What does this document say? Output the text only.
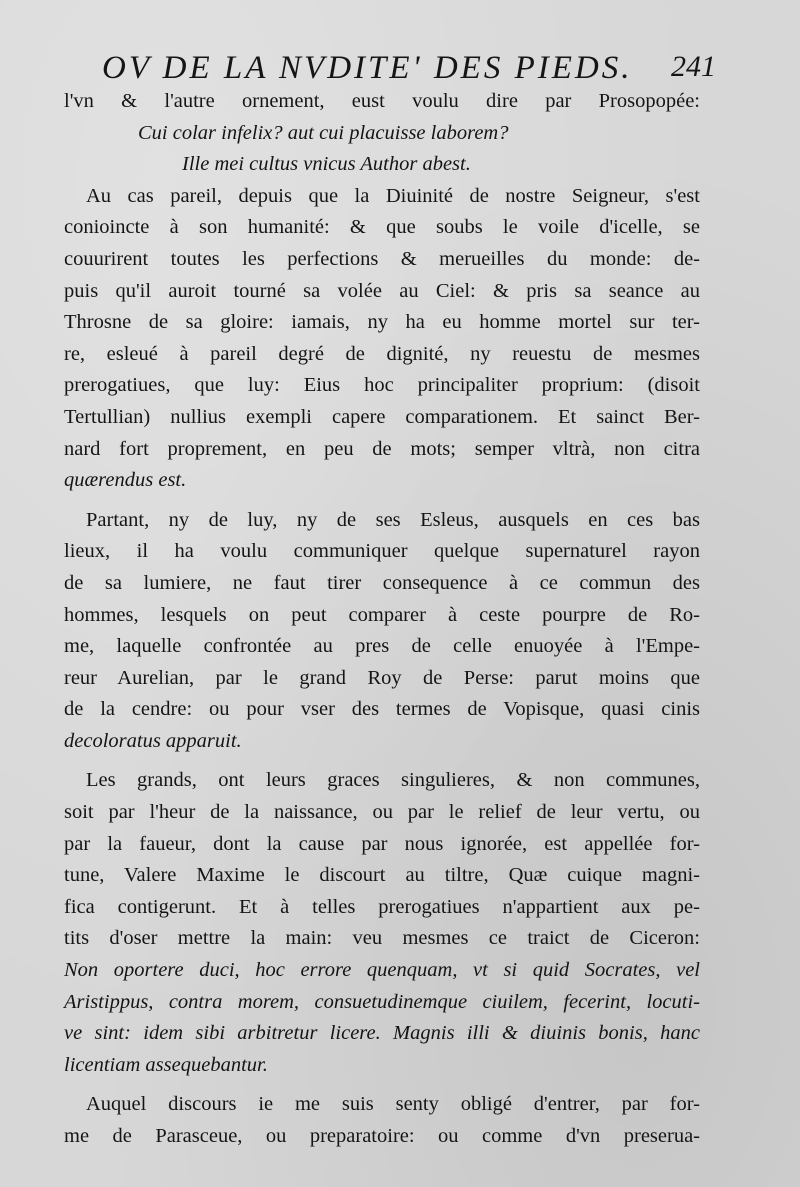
OV DE LA NVDITE' DES PIEDS. 241
l'vn & l'autre ornement, eust voulu dire par Prosopopée:
Cui colar infelix? aut cui placuisse laborem?
Ille mei cultus vnicus Author abest.
Au cas pareil, depuis que la Diuinité de nostre Seigneur, s'est
conioincte à son humanité: & que soubs le voile d'icelle, se
couurirent toutes les perfections & merueilles du monde: de-
puis qu'il auroit tourné sa volée au Ciel: & pris sa seance au
Throsne de sa gloire: iamais, ny ha eu homme mortel sur ter-
re, esleué à pareil degré de dignité, ny reuestu de mesmes
prerogatiues, que luy: Eius hoc principaliter proprium: (disoit
Tertullian) nullius exempli capere comparationem. Et sainct Ber-
nard fort proprement, en peu de mots; semper vltrà, non citra
quærendus est.
Partant, ny de luy, ny de ses Esleus, ausquels en ces bas
lieux, il ha voulu communiquer quelque supernaturel rayon
de sa lumiere, ne faut tirer consequence à ce commun des
hommes, lesquels on peut comparer à ceste pourpre de Ro-
me, laquelle confrontée au pres de celle enuoyée à l'Empe-
reur Aurelian, par le grand Roy de Perse: parut moins que
de la cendre: ou pour vser des termes de Vopisque, quasi cinis
decoloratus apparuit.
Les grands, ont leurs graces singulieres, & non communes,
soit par l'heur de la naissance, ou par le relief de leur vertu, ou
par la faueur, dont la cause par nous ignorée, est appellée for-
tune, Valere Maxime le discourt au tiltre, Quæ cuique magni-
fica contigerunt. Et à telles prerogatiues n'appartient aux pe-
tits d'oser mettre la main: veu mesmes ce traict de Ciceron:
Non oportere duci, hoc errore quenquam, vt si quid Socrates, vel
Aristippus, contra morem, consuetudinemque ciuilem, fecerint, locuti-
ve sint: idem sibi arbitretur licere. Magnis illi & diuinis bonis, hanc
licentiam assequebantur.
Auquel discours ie me suis senty obligé d'entrer, par for-
me de Parasceue, ou preparatoire: ou comme d'vn preserua-
